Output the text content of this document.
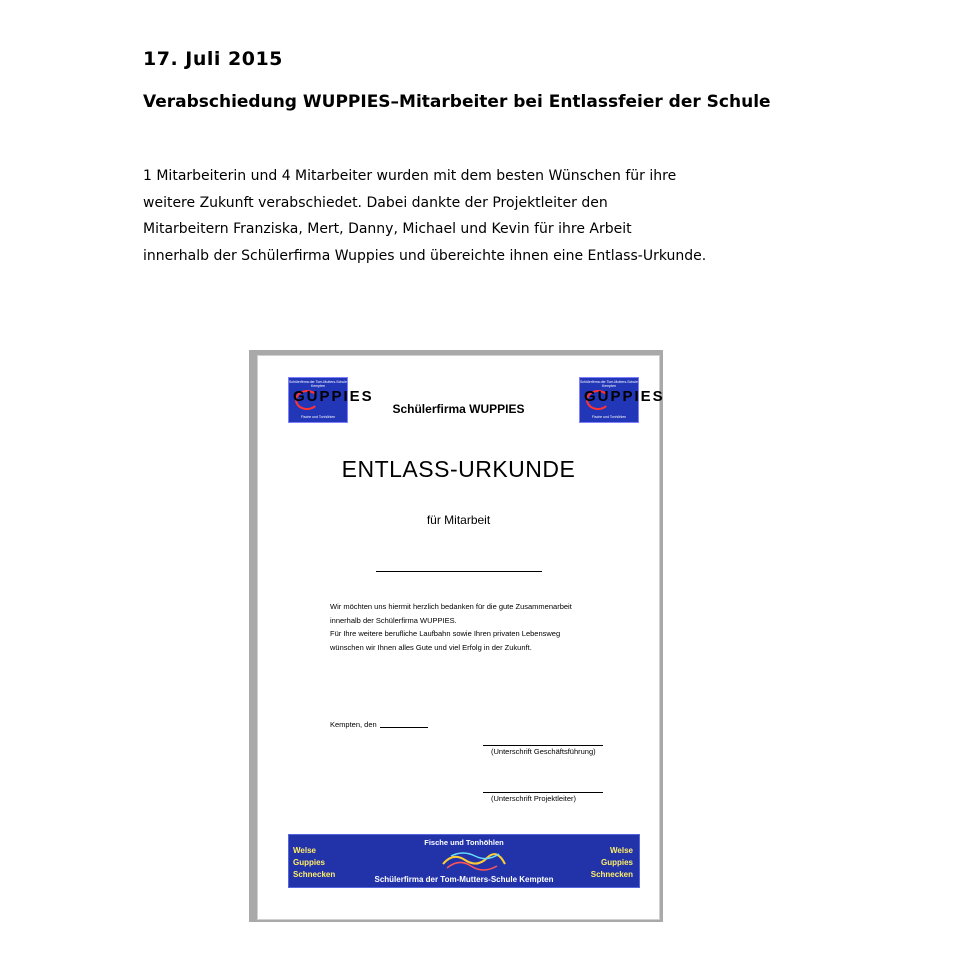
17. Juli 2015
Verabschiedung WUPPIES–Mitarbeiter bei Entlassfeier der Schule
1 Mitarbeiterin und 4 Mitarbeiter wurden mit dem besten Wünschen für ihre
weitere Zukunft verabschiedet. Dabei dankte der Projektleiter den
Mitarbeitern Franziska, Mert, Danny, Michael und Kevin für ihre Arbeit
innerhalb der Schülerfirma Wuppies und übereichte ihnen eine Entlass-Urkunde.
Schülerfirma der Tom-Mutters-Schule Kempten
GUPPIES
Fische und Tonhöhlen
Schülerfirma der Tom-Mutters-Schule Kempten
GUPPIES
Fische und Tonhöhlen
Schülerfirma WUPPIES
ENTLASS-URKUNDE
für Mitarbeit
Wir möchten uns hiermit herzlich bedanken für die gute Zusammenarbeit
innerhalb der Schülerfirma WUPPIES.
Für Ihre weitere berufliche Laufbahn sowie Ihren privaten Lebensweg
wünschen wir Ihnen alles Gute und viel Erfolg in der Zukunft.
Kempten, den
(Unterschrift Geschäftsführung)
(Unterschrift Projektleiter)
Fische und Tonhöhlen
Welse
Guppies
Schnecken
Welse
Guppies
Schnecken
Schülerfirma der Tom-Mutters-Schule Kempten
